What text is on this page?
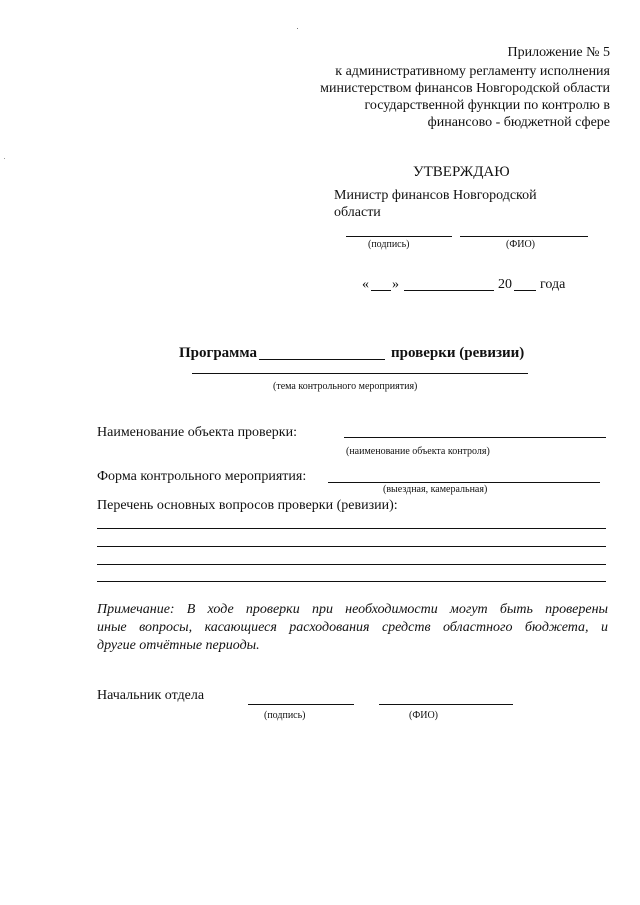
Приложение № 5
к административному регламенту исполнения
министерством финансов Новгородской области
государственной функции по контролю в
финансово - бюджетной сфере
УТВЕРЖДАЮ
Министр финансов Новгородской
области
(подпись)	(ФИО)
« »	20 года
Программа	проверки (ревизии)
(тема контрольного мероприятия)
Наименование объекта проверки:
(наименование объекта контроля)
Форма контрольного мероприятия:
(выездная, камеральная)
Перечень основных вопросов проверки (ревизии):
Примечание: В ходе проверки при необходимости могут быть проверены
иные вопросы, касающиеся расходования средств областного бюджета, и
другие отчётные периоды.
Начальник отдела
(подпись)	(ФИО)
